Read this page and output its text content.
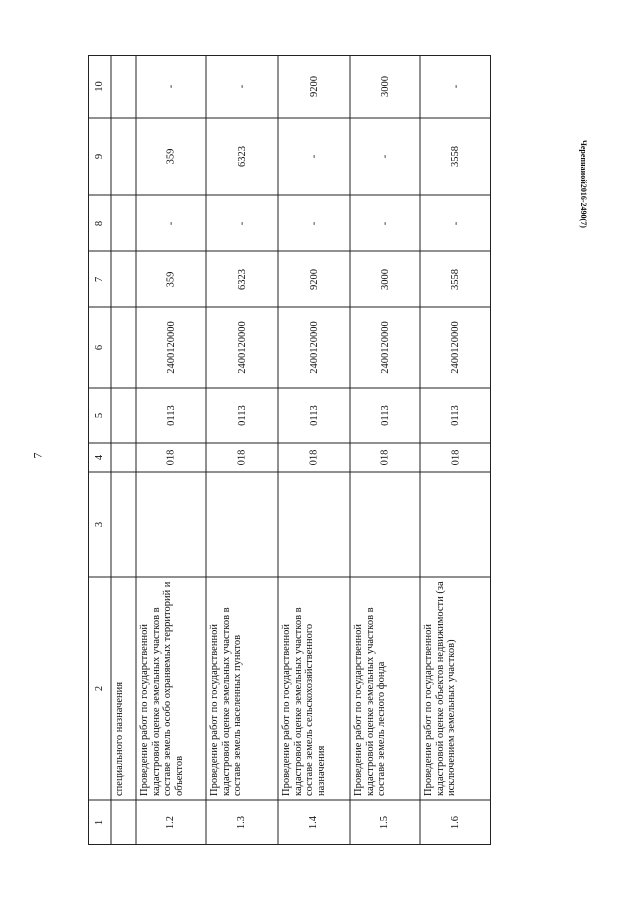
7
Черепнаиой2016-2490(7)
1
2
3
4
5
6
7
8
9
10
специального назначения
1.2
Проведение работ по государственной кадастровой оценке земельных участков в составе земель особо охраняемых территорий и объектов
018
0113
2400120000
359
-
359
-
1.3
Проведение работ по государственной кадастровой оценке земельных участков в составе земель населенных пунктов
018
0113
2400120000
6323
-
6323
-
1.4
Проведение работ по государственной кадастровой оценке земельных участков в составе земель сельскохозяйственного назначения
018
0113
2400120000
9200
-
-
9200
1.5
Проведение работ по государственной кадастровой оценке земельных участков в составе земель лесного фонда
018
0113
2400120000
3000
-
-
3000
1.6
Проведение работ по государственной кадастровой оценке объектов недвижимости (за исключением земельных участков)
018
0113
2400120000
3558
-
3558
-
